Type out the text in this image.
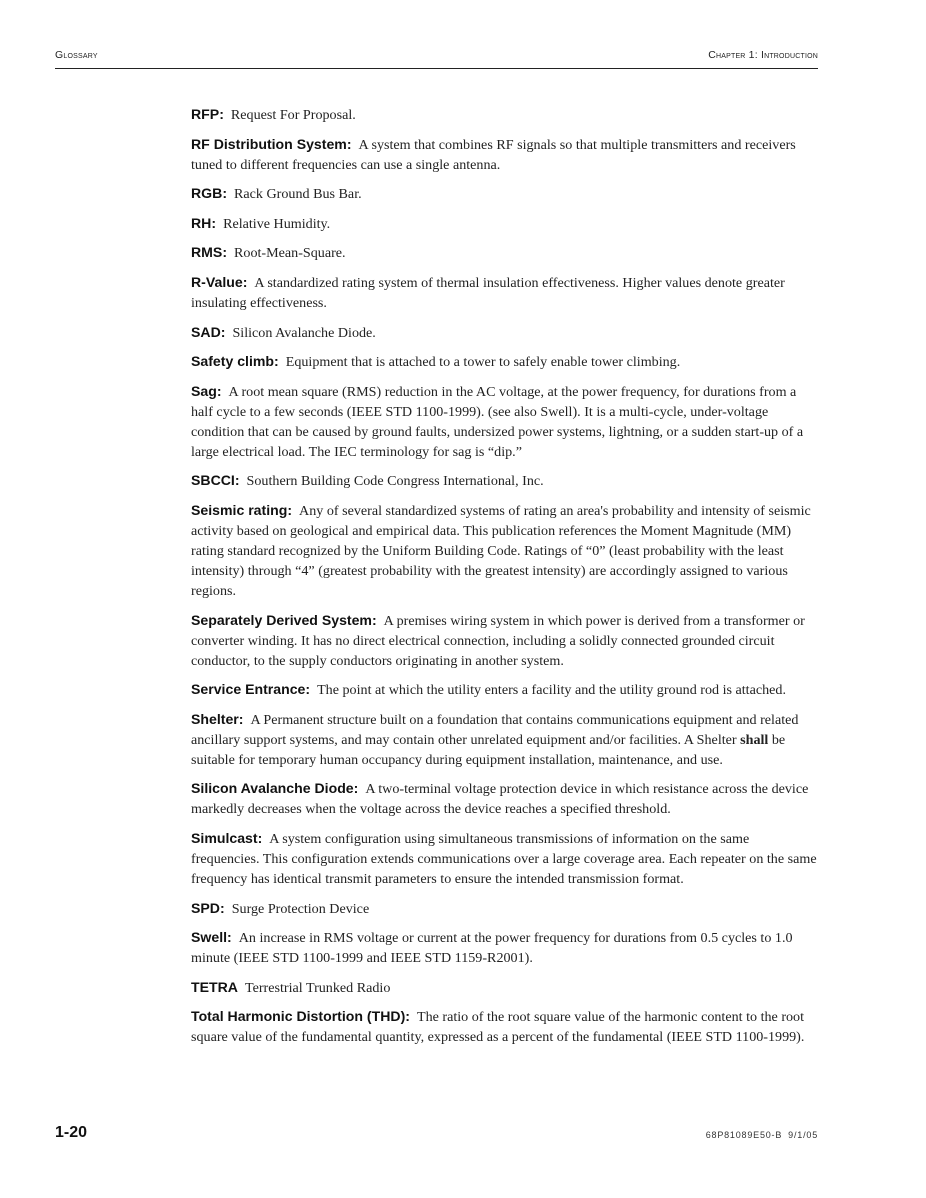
Glossary	Chapter 1: Introduction

RFP: Request For Proposal.

RF Distribution System: A system that combines RF signals so that multiple transmitters and receivers tuned to different frequencies can use a single antenna.

RGB: Rack Ground Bus Bar.

RH: Relative Humidity.

RMS: Root-Mean-Square.

R-Value: A standardized rating system of thermal insulation effectiveness. Higher values denote greater insulating effectiveness.

SAD: Silicon Avalanche Diode.

Safety climb: Equipment that is attached to a tower to safely enable tower climbing.

Sag: A root mean square (RMS) reduction in the AC voltage, at the power frequency, for durations from a half cycle to a few seconds (IEEE STD 1100-1999). (see also Swell). It is a multi-cycle, under-voltage condition that can be caused by ground faults, undersized power systems, lightning, or a sudden start-up of a large electrical load. The IEC terminology for sag is “dip.”

SBCCI: Southern Building Code Congress International, Inc.

Seismic rating: Any of several standardized systems of rating an area's probability and intensity of seismic activity based on geological and empirical data. This publication references the Moment Magnitude (MM) rating standard recognized by the Uniform Building Code. Ratings of “0” (least probability with the least intensity) through “4” (greatest probability with the greatest intensity) are accordingly assigned to various regions.

Separately Derived System: A premises wiring system in which power is derived from a transformer or converter winding. It has no direct electrical connection, including a solidly connected grounded circuit conductor, to the supply conductors originating in another system.

Service Entrance: The point at which the utility enters a facility and the utility ground rod is attached.

Shelter: A Permanent structure built on a foundation that contains communications equipment and related ancillary support systems, and may contain other unrelated equipment and/or facilities. A Shelter shall be suitable for temporary human occupancy during equipment installation, maintenance, and use.

Silicon Avalanche Diode: A two-terminal voltage protection device in which resistance across the device markedly decreases when the voltage across the device reaches a specified threshold.

Simulcast: A system configuration using simultaneous transmissions of information on the same frequencies. This configuration extends communications over a large coverage area. Each repeater on the same frequency has identical transmit parameters to ensure the intended transmission format.

SPD: Surge Protection Device

Swell: An increase in RMS voltage or current at the power frequency for durations from 0.5 cycles to 1.0 minute (IEEE STD 1100-1999 and IEEE STD 1159-R2001).

TETRA Terrestrial Trunked Radio

Total Harmonic Distortion (THD): The ratio of the root square value of the harmonic content to the root square value of the fundamental quantity, expressed as a percent of the fundamental (IEEE STD 1100-1999).

1-20	68P81089E50-B 9/1/05
